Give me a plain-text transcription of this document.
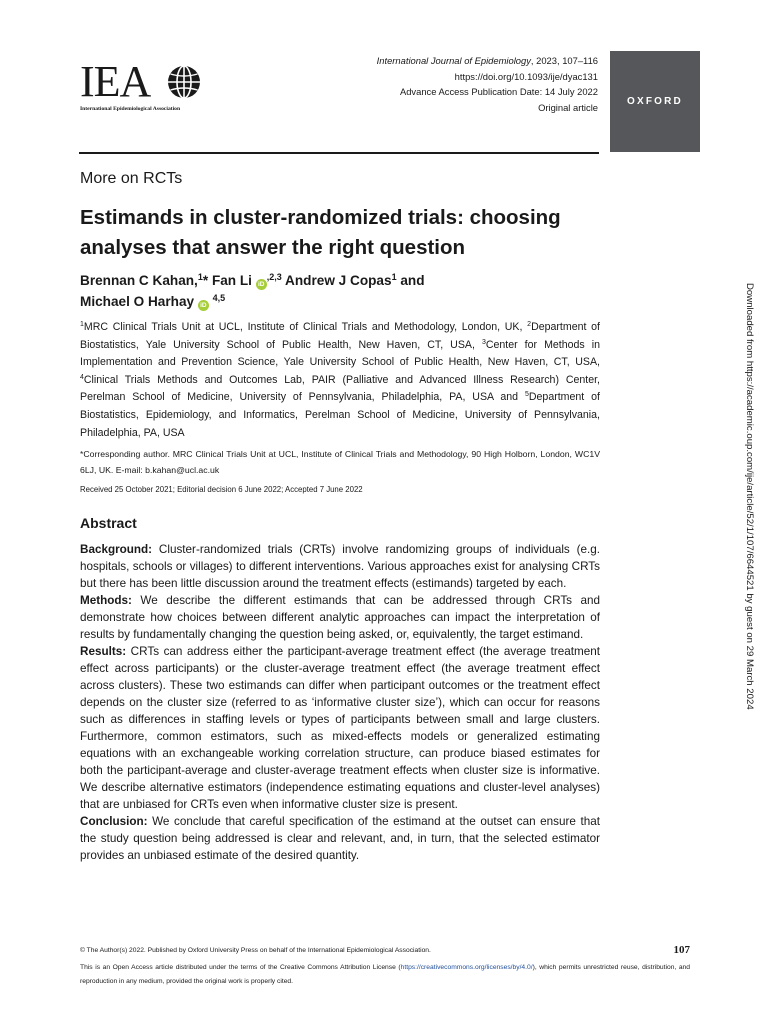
IEA
International Epidemiological Association
International Journal of Epidemiology, 2023, 107–116
https://doi.org/10.1093/ije/dyac131
Advance Access Publication Date: 14 July 2022
Original article
OXFORD
More on RCTs
Estimands in cluster-randomized trials: choosing analyses that answer the right question
Brennan C Kahan,$^1$* Fan Li $iD^{,2,3}$ Andrew J Copas$^1$ and
Michael O Harhay iD $^{4,5}$
$^1$MRC Clinical Trials Unit at UCL, Institute of Clinical Trials and Methodology, London, UK, $^2$Department of Biostatistics, Yale University School of Public Health, New Haven, CT, USA, $^3$Center for Methods in Implementation and Prevention Science, Yale University School of Public Health, New Haven, CT, USA, $^4$Clinical Trials Methods and Outcomes Lab, PAIR (Palliative and Advanced Illness Research) Center, Perelman School of Medicine, University of Pennsylvania, Philadelphia, PA, USA and $^5$Department of Biostatistics, Epidemiology, and Informatics, Perelman School of Medicine, University of Pennsylvania, Philadelphia, PA, USA
*Corresponding author. MRC Clinical Trials Unit at UCL, Institute of Clinical Trials and Methodology, 90 High Holborn, London, WC1V 6LJ, UK. E-mail: b.kahan@ucl.ac.uk
Received 25 October 2021; Editorial decision 6 June 2022; Accepted 7 June 2022
Abstract

Background: Cluster-randomized trials (CRTs) involve randomizing groups of individuals (e.g. hospitals, schools or villages) to different interventions. Various approaches exist for analysing CRTs but there has been little discussion around the treatment effects (estimands) targeted by each.

Methods: We describe the different estimands that can be addressed through CRTs and demonstrate how choices between different analytic approaches can impact the interpretation of results by fundamentally changing the question being asked, or, equivalently, the target estimand.

Results: CRTs can address either the participant-average treatment effect (the average treatment effect across participants) or the cluster-average treatment effect (the average treatment effect across clusters). These two estimands can differ when participant outcomes or the treatment effect depends on the cluster size (referred to as ‘informative cluster size’), which can occur for reasons such as differences in staffing levels or types of participants between small and large clusters. Furthermore, common estimators, such as mixed-effects models or generalized estimating equations with an exchangeable working correlation structure, can produce biased estimates for both the participant-average and cluster-average treatment effects when cluster size is informative. We describe alternative estimators (independence estimating equations and cluster-level analyses) that are unbiased for CRTs even when informative cluster size is present.

Conclusion: We conclude that careful specification of the estimand at the outset can ensure that the study question being addressed is clear and relevant, and, in turn, that the selected estimator provides an unbiased estimate of the desired quantity.

© The Author(s) 2022. Published by Oxford University Press on behalf of the International Epidemiological Association.	107
This is an Open Access article distributed under the terms of the Creative Commons Attribution License (https://creativecommons.org/licenses/by/4.0/), which permits unrestricted reuse, distribution, and reproduction in any medium, provided the original work is properly cited.
Downloaded from https://academic.oup.com/ije/article/52/1/107/6644521 by guest on 29 March 2024
